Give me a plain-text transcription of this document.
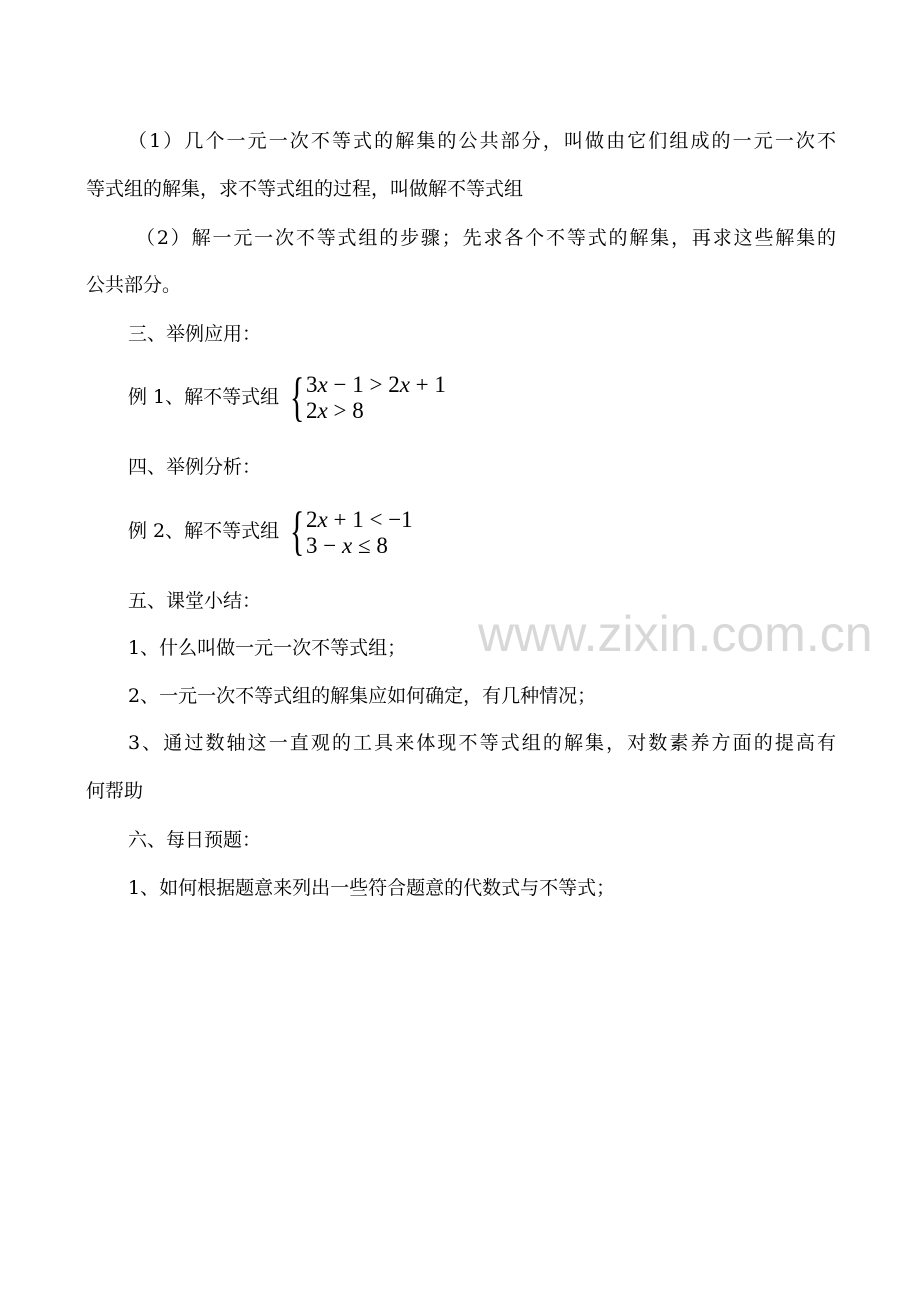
（1）几个一元一次不等式的解集的公共部分，叫做由它们组成的一元一次不
等式组的解集，求不等式组的过程，叫做解不等式组
（2）解一元一次不等式组的步骤；先求各个不等式的解集，再求这些解集的
公共部分。
三、举例应用：
例 1、解不等式组 { 3x − 1 > 2x + 1
2x > 8
四、举例分析：
例 2、解不等式组 { 2x + 1 < −1
3 − x ≤ 8
五、课堂小结：
1、什么叫做一元一次不等式组；
2、一元一次不等式组的解集应如何确定，有几种情况；
3、通过数轴这一直观的工具来体现不等式组的解集，对数素养方面的提高有
何帮助
六、每日预题：
1、如何根据题意来列出一些符合题意的代数式与不等式；
www.zixin.com.cn
